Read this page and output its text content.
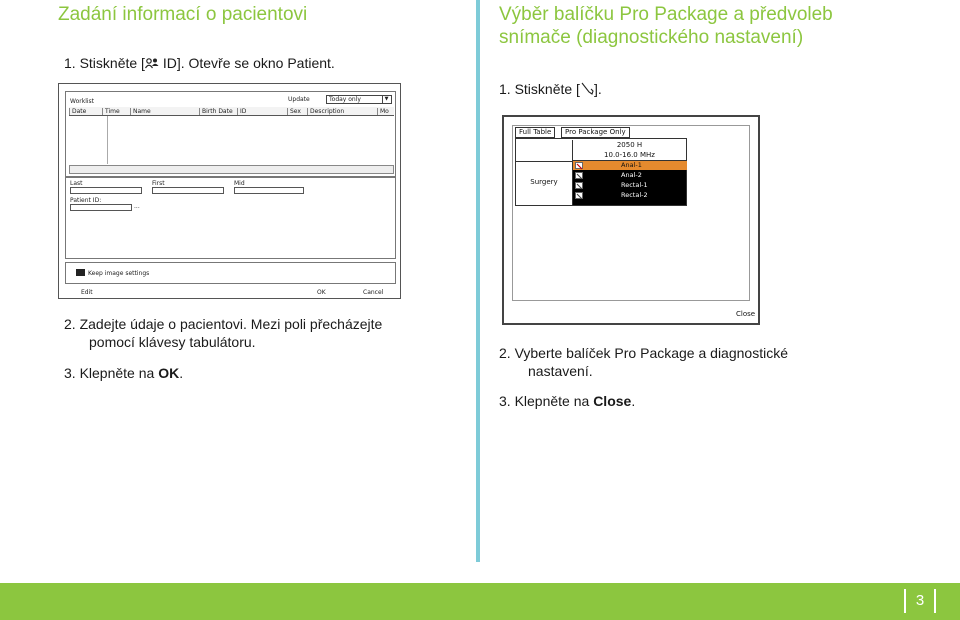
Zadání informací o pacientovi
1. Stiskněte [ ID]. Otevře se okno Patient.
Worklist	Update	Today only	▼
Date	Time	Name	Birth Date	ID	Sex	Description	Mo
Last	First	Mid
Patient ID:
...
Keep image settings
Edit	OK	Cancel
2. Zadejte údaje o pacientovi. Mezi poli přecházejte
pomocí klávesy tabulátoru.
3. Klepněte na OK.
Výběr balíčku Pro Package a předvoleb
snímače (diagnostického nastavení)
1. Stiskněte [ ].
Full Table	Pro Package Only
2050 H
10.0-16.0 MHz
Surgery
Anal-1
Anal-2
Rectal-1
Rectal-2
Close
2. Vyberte balíček Pro Package a diagnostické
nastavení.
3. Klepněte na Close.
3
